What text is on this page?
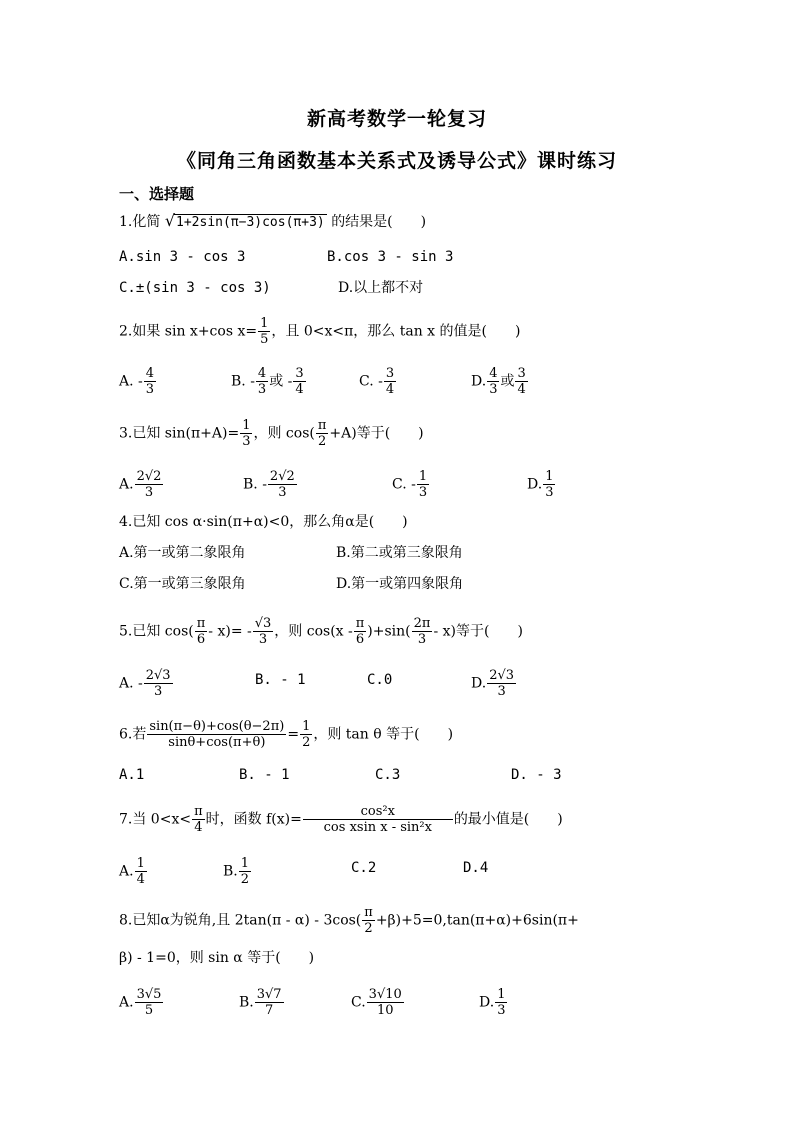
新高考数学一轮复习
《同角三角函数基本关系式及诱导公式》课时练习
一、选择题
1.化简 √1+2sin(π−3)cos(π+3) 的结果是(　　)
A.sin 3 - cos 3	B.cos 3 - sin 3
C.±(sin 3 - cos 3)	D.以上都不对
2.如果 sin x+cos $x= \frac{1}{5}$ ，且 0<x<π，那么 tan x 的值是(　　)
A. - $\frac{4}{3}$	B. - $\frac{4}{3}$ 或 - $\frac{3}{4}$	C. - $\frac{3}{4}$	D. $\frac{4}{3}$ 或 $\frac{3}{4}$
3.已知 $\sin(\pi+A)= \frac{1}{3}$ ，则 $\cos( \frac{\pi}{2} +A)$等于(　　)
A. $\frac{2√2}{3}$	B. - $\frac{2√2}{3}$	C. - $\frac{1}{3}$	D. $\frac{1}{3}$
4.已知 cos α·sin(π+α)<0，那么角α是(　　)
A.第一或第二象限角	B.第二或第三象限角
C.第一或第三象限角	D.第一或第四象限角
5.已知 $\cos( \frac{\pi}{6} - x)= - \frac{√3}{3}$ ，则 $\cos(x - \frac{\pi}{6} )+\sin( \frac{2\pi}{3} - x)$等于(　　)
A. - $\frac{2√3}{3}$	B. - 1	C.0	D. $\frac{2√3}{3}$
6.若 $\frac{\sin(\pi-\theta)+\cos(\theta-2\pi)}{\sin\theta+\cos(\pi+\theta)} = \frac{1}{2}$ ，则 tan θ 等于(　　)
A.1	B. - 1	C.3	D. - 3
7.当 $0<x< \frac{\pi}{4}$ 时，函数 $f(x)= \frac{\text{cos²x}}{\text{cos xsin x - sin²x}}$ 的最小值是(　　)
A. $\frac{1}{4}$	B. $\frac{1}{2}$	C.2	D.4
8.已知α为锐角,且 $2\tan(\pi - \alpha) - 3\cos( \frac{\pi}{2} +\beta)+5=0,\tan(\pi+\alpha)+6\sin(\pi+$
β) - 1=0，则 sin α 等于(　　)
A. $\frac{3√5}{5}$	B. $\frac{3√7}{7}$	C. $\frac{3√10}{10}$	D. $\frac{1}{3}$
